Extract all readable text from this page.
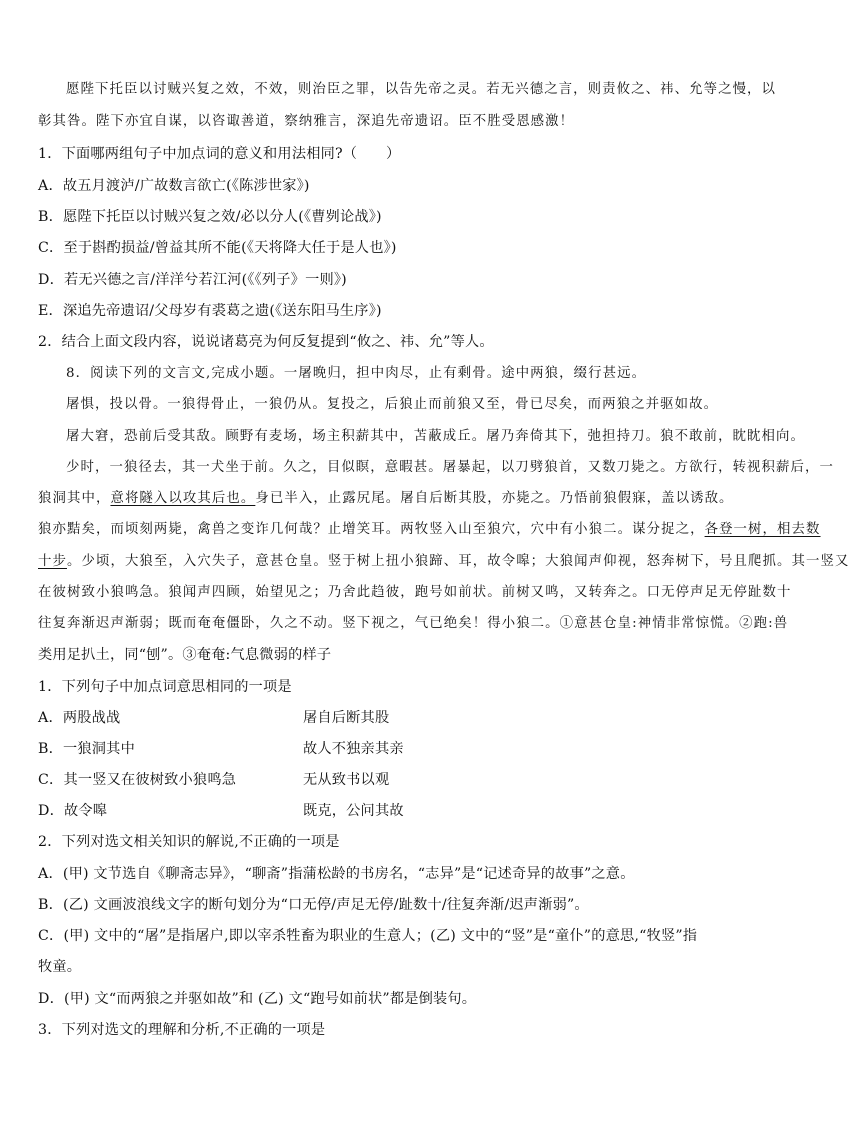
愿陛下托臣以讨贼兴复之效，不效，则治臣之罪，以告先帝之灵。若无兴德之言，则责攸之、祎、允等之慢，以
彰其咎。陛下亦宜自谋，以咨诹善道，察纳雅言，深追先帝遗诏。臣不胜受恩感激！
1．下面哪两组句子中加点词的意义和用法相同?（　　）
A．故五月渡泸/广故数言欲亡(《陈涉世家》)
B．愿陛下托臣以讨贼兴复之效/必以分人(《曹刿论战》)
C．至于斟酌损益/曾益其所不能(《天将降大任于是人也》)
D．若无兴德之言/洋洋兮若江河(《《列子》一则》)
E．深追先帝遗诏/父母岁有裘葛之遗(《送东阳马生序》)
2．结合上面文段内容，说说诸葛亮为何反复提到“攸之、祎、允”等人。
8．阅读下列的文言文,完成小题。一屠晚归，担中肉尽，止有剩骨。途中两狼，缀行甚远。
屠惧，投以骨。一狼得骨止，一狼仍从。复投之，后狼止而前狼又至，骨已尽矣，而两狼之并驱如故。
屠大窘，恐前后受其敌。顾野有麦场，场主积薪其中，苫蔽成丘。屠乃奔倚其下，弛担持刀。狼不敢前，眈眈相向。
少时，一狼径去，其一犬坐于前。久之，目似瞑，意暇甚。屠暴起，以刀劈狼首，又数刀毙之。方欲行，转视积薪后，一
狼洞其中，意将隧入以攻其后也。身已半入，止露尻尾。屠自后断其股，亦毙之。乃悟前狼假寐，盖以诱敌。
狼亦黠矣，而顷刻两毙，禽兽之变诈几何哉？止增笑耳。两牧竖入山至狼穴，穴中有小狼二。谋分捉之，各登一树，相去数
十步。少顷，大狼至，入穴失子，意甚仓皇。竖于树上扭小狼蹄、耳，故令嗥；大狼闻声仰视，怒奔树下，号且爬抓。其一竖又
在彼树致小狼鸣急。狼闻声四顾，始望见之；乃舍此趋彼，跑号如前状。前树又鸣，又转奔之。口无停声足无停趾数十
往复奔渐迟声渐弱；既而奄奄僵卧，久之不动。竖下视之，气已绝矣！得小狼二。①意甚仓皇:神情非常惊慌。②跑:兽
类用足扒土，同“刨”。③奄奄:气息微弱的样子
1．下列句子中加点词意思相同的一项是
A．两股战战	屠自后断其股
B．一狼洞其中	故人不独亲其亲
C．其一竖又在彼树致小狼鸣急	无从致书以观
D．故令嗥	既克，公问其故
2．下列对选文相关知识的解说,不正确的一项是
A．(甲) 文节选自《聊斋志异》，“聊斋”指蒲松龄的书房名，“志异”是“记述奇异的故事”之意。
B．(乙) 文画波浪线文字的断句划分为“口无停/声足无停/趾数十/往复奔渐/迟声渐弱”。
C．(甲) 文中的“屠”是指屠户,即以宰杀牲畜为职业的生意人；(乙) 文中的“竖”是“童仆”的意思,“牧竖”指
牧童。
D．(甲) 文“而两狼之并驱如故”和 (乙) 文“跑号如前状”都是倒装句。
3．下列对选文的理解和分析,不正确的一项是
